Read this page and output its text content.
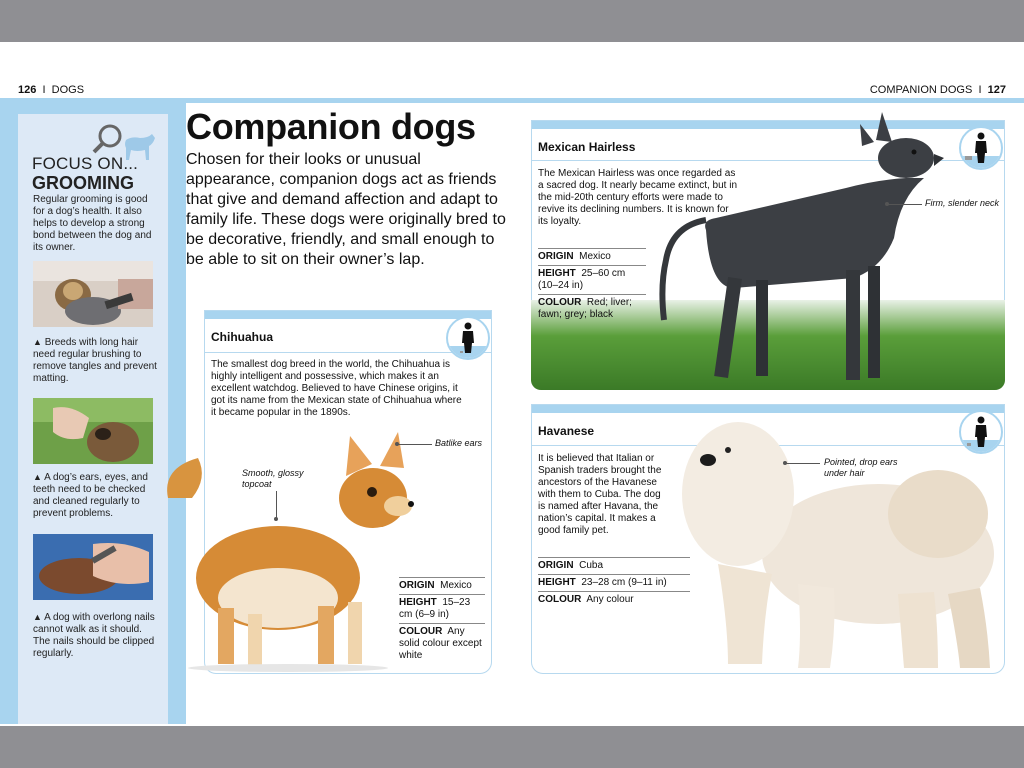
126 I DOGS	COMPANION DOGS I 127
FOCUS ON...
GROOMING
Regular grooming is good for a dog’s health. It also helps to develop a strong bond between the dog and its owner.
▲ Breeds with long hair need regular brushing to remove tangles and prevent matting.
▲ A dog’s ears, eyes, and teeth need to be checked and cleaned regularly to prevent problems.
▲ A dog with overlong nails cannot walk as it should. The nails should be clipped regularly.
Companion dogs
Chosen for their looks or unusual appearance, companion dogs act as friends that give and demand affection and adapt to family life. These dogs were originally bred to be decorative, friendly, and small enough to be able to sit on their owner’s lap.
Chihuahua
The smallest dog breed in the world, the Chihuahua is highly intelligent and possessive, which makes it an excellent watchdog. Believed to have Chinese origins, it got its name from the Mexican state of Chihuahua where it became popular in the 1890s.
Batlike ears
Smooth, glossy topcoat
ORIGIN Mexico
HEIGHT 15–23 cm (6–9 in)
COLOUR Any solid colour except white
Mexican Hairless
The Mexican Hairless was once regarded as a sacred dog. It nearly became extinct, but in the mid-20th century efforts were made to revive its declining numbers. It is known for its loyalty.
Firm, slender neck
ORIGIN Mexico
HEIGHT 25–60 cm (10–24 in)
COLOUR Red; liver; fawn; grey; black
Havanese
It is believed that Italian or Spanish traders brought the ancestors of the Havanese with them to Cuba. The dog is named after Havana, the nation’s capital. It makes a good family pet.
Pointed, drop ears under hair
ORIGIN Cuba
HEIGHT 23–28 cm (9–11 in)
COLOUR Any colour
